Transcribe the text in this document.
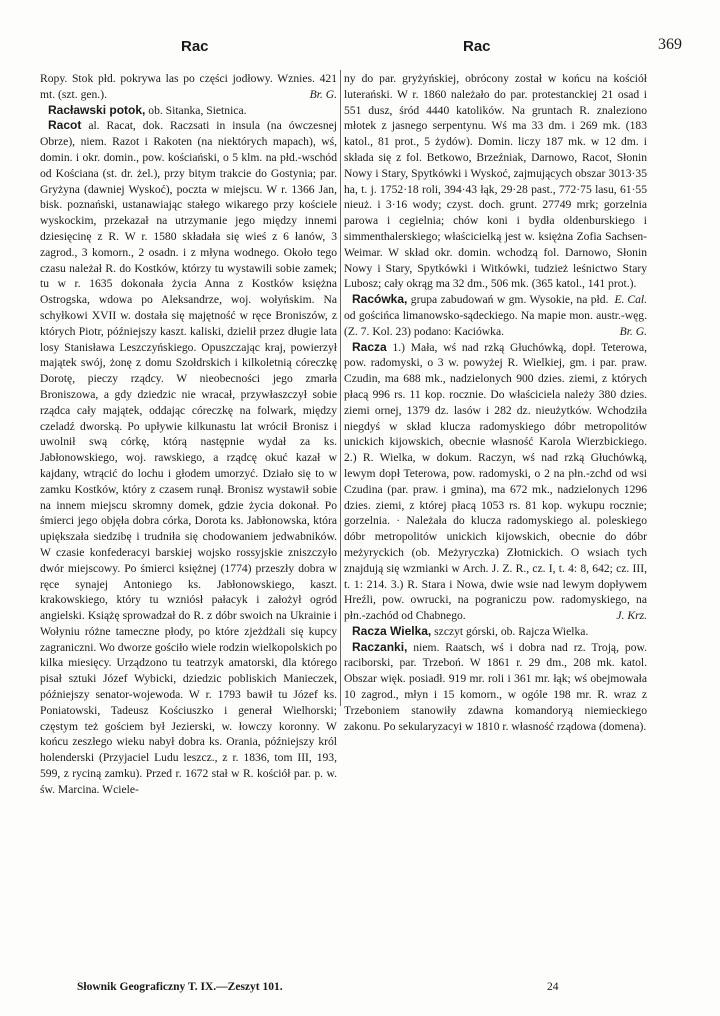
Rac	Rac	369

Ropy. Stok płd. pokrywa las po części jodłowy. Wznies. 421 mt. (szt. gen.).	Br. G.

Racławski potok, ob. Sitanka, Sietnica.

Racot al. Racat, dok. Raczsati in insula (na ówczesnej Obrze), niem. Razot i Rakoten (na niektórych mapach), wś, domin. i okr. domin., pow. kościański, o 5 klm. na płd.-wschód od Kościana (st. dr. żel.), przy bitym trakcie do Gostynia; par. Gryżyna (dawniej Wyskoć), poczta w miejscu. W r. 1366 Jan, bisk. poznański, ustanawiając stałego wikarego przy kościele wyskockim, przekazał na utrzymanie jego między innemi dziesięcinę z R. W r. 1580 składała się wieś z 6 łanów, 3 zagrod., 3 komorn., 2 osadn. i z młyna wodnego. Około tego czasu należał R. do Kostków, którzy tu wystawili sobie zamek; tu w r. 1635 dokonała życia Anna z Kostków księżna Ostrogska, wdowa po Aleksandrze, woj. wołyńskim. Na schyłkowi XVII w. dostała się majętność w ręce Broniszów, z których Piotr, późniejszy kaszt. kaliski, dzielił przez długie lata losy Stanisława Leszczyńskiego. Opuszczając kraj, powierzył majątek swój, żonę z domu Szołdrskich i kilkoletnią córeczkę Dorotę, pieczy rządcy. W nieobecności jego zmarła Broniszowa, a gdy dziedzic nie wracał, przywłaszczył sobie rządca cały majątek, oddając córeczkę na folwark, między czeladź dworską. Po upływie kilkunastu lat wrócił Bronisz i uwolnił swą córkę, którą następnie wydał za ks. Jabłonowskiego, woj. rawskiego, a rządcę okuć kazał w kajdany, wtrącić do lochu i głodem umorzyć. Działo się to w zamku Kostków, który z czasem runął. Bronisz wystawił sobie na innem miejscu skromny domek, gdzie życia dokonał. Po śmierci jego objęła dobra córka, Dorota ks. Jabłonowska, która upiększała siedzibę i trudniła się chodowaniem jedwabników. W czasie konfederacyi barskiej wojsko rossyjskie zniszczyło dwór miejscowy. Po śmierci księżnej (1774) przeszły dobra w ręce synajej Antoniego ks. Jabłonowskiego, kaszt. krakowskiego, który tu wzniósł pałacyk i założył ogród angielski. Książę sprowadzał do R. z dóbr swoich na Ukrainie i Wołyniu różne tameczne płody, po które zjeżdżali się kupcy zagraniczni. Wo dworze gościło wiele rodzin wielkopolskich po kilka miesięcy. Urządzono tu teatrzyk amatorski, dla którego pisał sztuki Józef Wybicki, dziedzic pobliskich Manieczek, późniejszy senator-wojewoda. W r. 1793 bawił tu Józef ks. Poniatowski, Tadeusz Kościuszko i generał Wielhorski; częstym też gościem był Jezierski, w. łowczy koronny. W końcu zeszłego wieku nabył dobra ks. Orania, późniejszy król holenderski (Przyjaciel Ludu leszcz., z r. 1836, tom III, 193, 599, z ryciną zamku). Przed r. 1672 stał w R. kościół par. p. w. św. Marcina. Wciele-

ny do par. gryżyńskiej, obrócony został w końcu na kościół luterański. W r. 1860 należało do par. protestanckiej 21 osad i 551 dusz, śród 4440 katolików. Na gruntach R. znaleziono młotek z jasnego serpentynu. Wś ma 33 dm. i 269 mk. (183 katol., 81 prot., 5 żydów). Domin. liczy 187 mk. w 12 dm. i składa się z fol. Betkowo, Brzeźniak, Darnowo, Racot, Słonin Nowy i Stary, Spytkówki i Wyskoć, zajmujących obszar 3013·35 ha, t. j. 1752·18 roli, 394·43 łąk, 29·28 past., 772·75 lasu, 61·55 nieuż. i 3·16 wody; czyst. doch. grunt. 27749 mrk; gorzelnia parowa i cegielnia; chów koni i bydła oldenburskiego i simmenthalerskiego; właścicielką jest w. księżna Zofia Sachsen-Weimar. W skład okr. domin. wchodzą fol. Darnowo, Słonin Nowy i Stary, Spytkówki i Witkówki, tudzież leśnictwo Stary Lubosz; cały okrąg ma 32 dm., 506 mk. (365 katol., 141 prot.).
E. Cal.

Racówka, grupa zabudowań w gm. Wysokie, na płd. od gościńca limanowsko-sądeckiego. Na mapie mon. austr.-węg. (Z. 7. Kol. 23) podano: Kaciówka.	Br. G.

Racza 1.) Mała, wś nad rzką Głuchówką, dopł. Teterowa, pow. radomyski, o 3 w. powyżej R. Wielkiej, gm. i par. praw. Czudin, ma 688 mk., nadzielonych 900 dzies. ziemi, z których płacą 996 rs. 11 kop. rocznie. Do właściciela należy 380 dzies. ziemi ornej, 1379 dz. lasów i 282 dz. nieużytków. Wchodziła niegdyś w skład klucza radomyskiego dóbr metropolitów unickich kijowskich, obecnie własność Karola Wierzbickiego. 2.) R. Wielka, w dokum. Raczyn, wś nad rzką Głuchówką, lewym dopł Teterowa, pow. radomyski, o 2 na płn.-zchd od wsi Czudina (par. praw. i gmina), ma 672 mk., nadzielonych 1296 dzies. ziemi, z której płacą 1053 rs. 81 kop. wykupu rocznie; gorzelnia. · Należała do klucza radomyskiego al. poleskiego dóbr metropolitów unickich kijowskich, obecnie do dóbr meżyryckich (ob. Meżyryczka) Złotnickich. O wsiach tych znajdują się wzmianki w Arch. J. Z. R., cz. I, t. 4: 8, 642; cz. III, t. 1: 214. 3.) R. Stara i Nowa, dwie wsie nad lewym dopływem Hreźli, pow. owrucki, na pograniczu pow. radomyskiego, na płn.-zachód od Chabnego.	J. Krz.

Racza Wielka, szczyt górski, ob. Rajcza Wielka.

Raczanki, niem. Raatsch, wś i dobra nad rz. Troją, pow. raciborski, par. Trzeboń. W 1861 r. 29 dm., 208 mk. katol. Obszar więk. posiadł. 919 mr. roli i 361 mr. łąk; wś obejmowała 10 zagrod., młyn i 15 komorn., w ogóle 198 mr. R. wraz z Trzeboniem stanowiły zdawna komandoryą niemieckiego zakonu. Po sekularyzacyi w 1810 r. własność rządowa (domena).

Słownik Geograficzny T. IX.—Zeszyt 101.	24
